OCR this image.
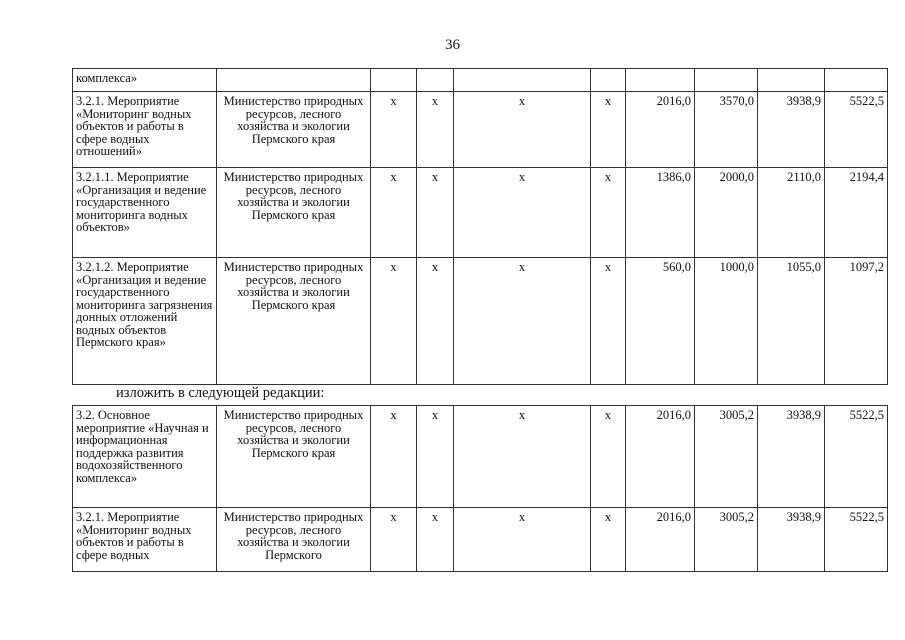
36
комплекса»									
3.2.1. Мероприятие «Мониторинг водных объектов и работы в сфере водных отношений»	Министерство природных ресурсов, лесного хозяйства и экологии Пермского края	х	х	х	х	2016,0	3570,0	3938,9	5522,5
3.2.1.1. Мероприятие «Организация и ведение государственного мониторинга водных объектов»	Министерство природных ресурсов, лесного хозяйства и экологии Пермского края	х	х	х	х	1386,0	2000,0	2110,0	2194,4
3.2.1.2. Мероприятие «Организация и ведение государственного мониторинга загрязнения донных отложений водных объектов Пермского края»	Министерство природных ресурсов, лесного хозяйства и экологии Пермского края	х	х	х	х	560,0	1000,0	1055,0	1097,2
изложить в следующей редакции:
3.2. Основное мероприятие «Научная и информационная поддержка развития водохозяйственного комплекса»	Министерство природных ресурсов, лесного хозяйства и экологии Пермского края	х	х	х	х	2016,0	3005,2	3938,9	5522,5
3.2.1. Мероприятие «Мониторинг водных объектов и работы в сфере водных	Министерство природных ресурсов, лесного хозяйства и экологии Пермского	х	х	х	х	2016,0	3005,2	3938,9	5522,5
